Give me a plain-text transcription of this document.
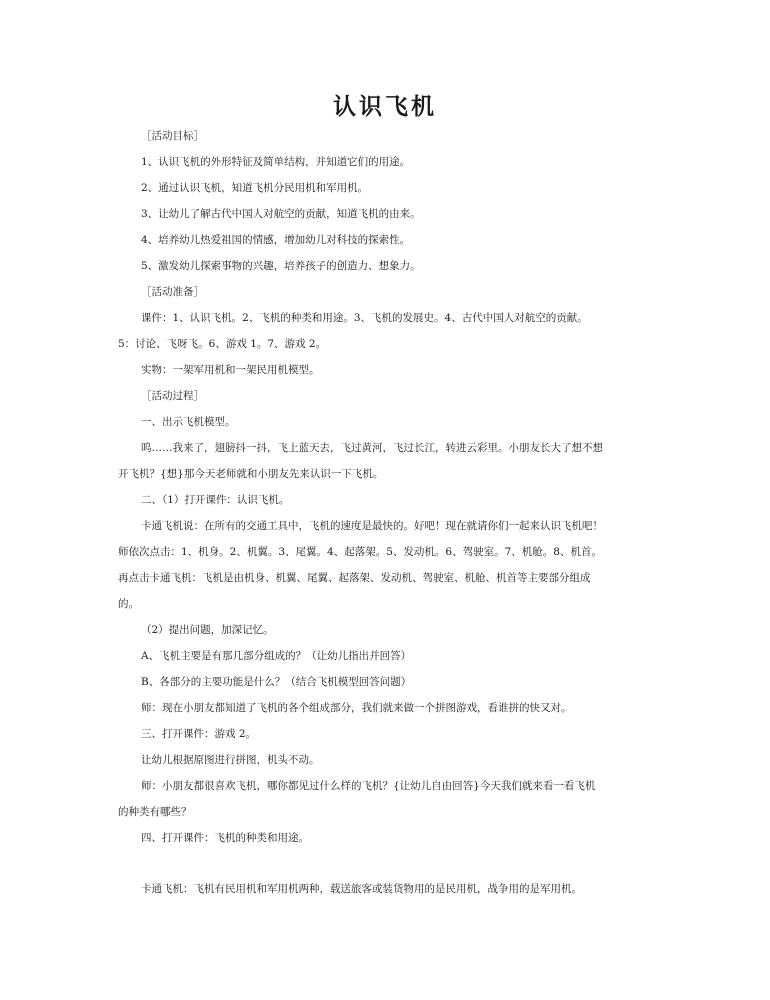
认识飞机
［活动目标］
1、认识飞机的外形特征及简单结构，并知道它们的用途。
2、通过认识飞机，知道飞机分民用机和军用机。
3、让幼儿了解古代中国人对航空的贡献，知道飞机的由来。
4、培养幼儿热爱祖国的情感，增加幼儿对科技的探索性。
5、激发幼儿探索事物的兴趣，培养孩子的创造力、想象力。
［活动准备］
课件：1、认识飞机。2、飞机的种类和用途。3、飞机的发展史。4、古代中国人对航空的贡献。
5：讨论、飞呀飞。6、游戏 1。7、游戏 2。
实物：一架军用机和一架民用机模型。
［活动过程］
一、出示飞机模型。
呜……我来了，翅膀抖一抖，飞上蓝天去，飞过黄河，飞过长江，转进云彩里。小朋友长大了想不想
开飞机？{想}那今天老师就和小朋友先来认识一下飞机。
二、（1）打开课件：认识飞机。
卡通飞机说：在所有的交通工具中，飞机的速度是最快的。好吧！现在就请你们一起来认识飞机吧！
师依次点击：1、机身。2、机翼。3、尾翼。4、起落架。5、发动机。6、驾驶室。7、机舱。8、机首。
再点击卡通飞机：飞机是由机身、机翼、尾翼、起落架、发动机、驾驶室、机舱、机首等主要部分组成
的。
（2）提出问题，加深记忆。
A、飞机主要是有那几部分组成的？（让幼儿指出并回答）
B、各部分的主要功能是什么？（结合飞机模型回答问题）
师：现在小朋友都知道了飞机的各个组成部分，我们就来做一个拼图游戏，看谁拼的快又对。
三、打开课件：游戏 2。
让幼儿根据原图进行拼图，机头不动。
师：小朋友都很喜欢飞机，哪你都见过什么样的飞机？{让幼儿自由回答}今天我们就来看一看飞机
的种类有哪些？
四、打开课件：飞机的种类和用途。
卡通飞机：飞机有民用机和军用机两种，载送旅客或装货物用的是民用机，战争用的是军用机。
